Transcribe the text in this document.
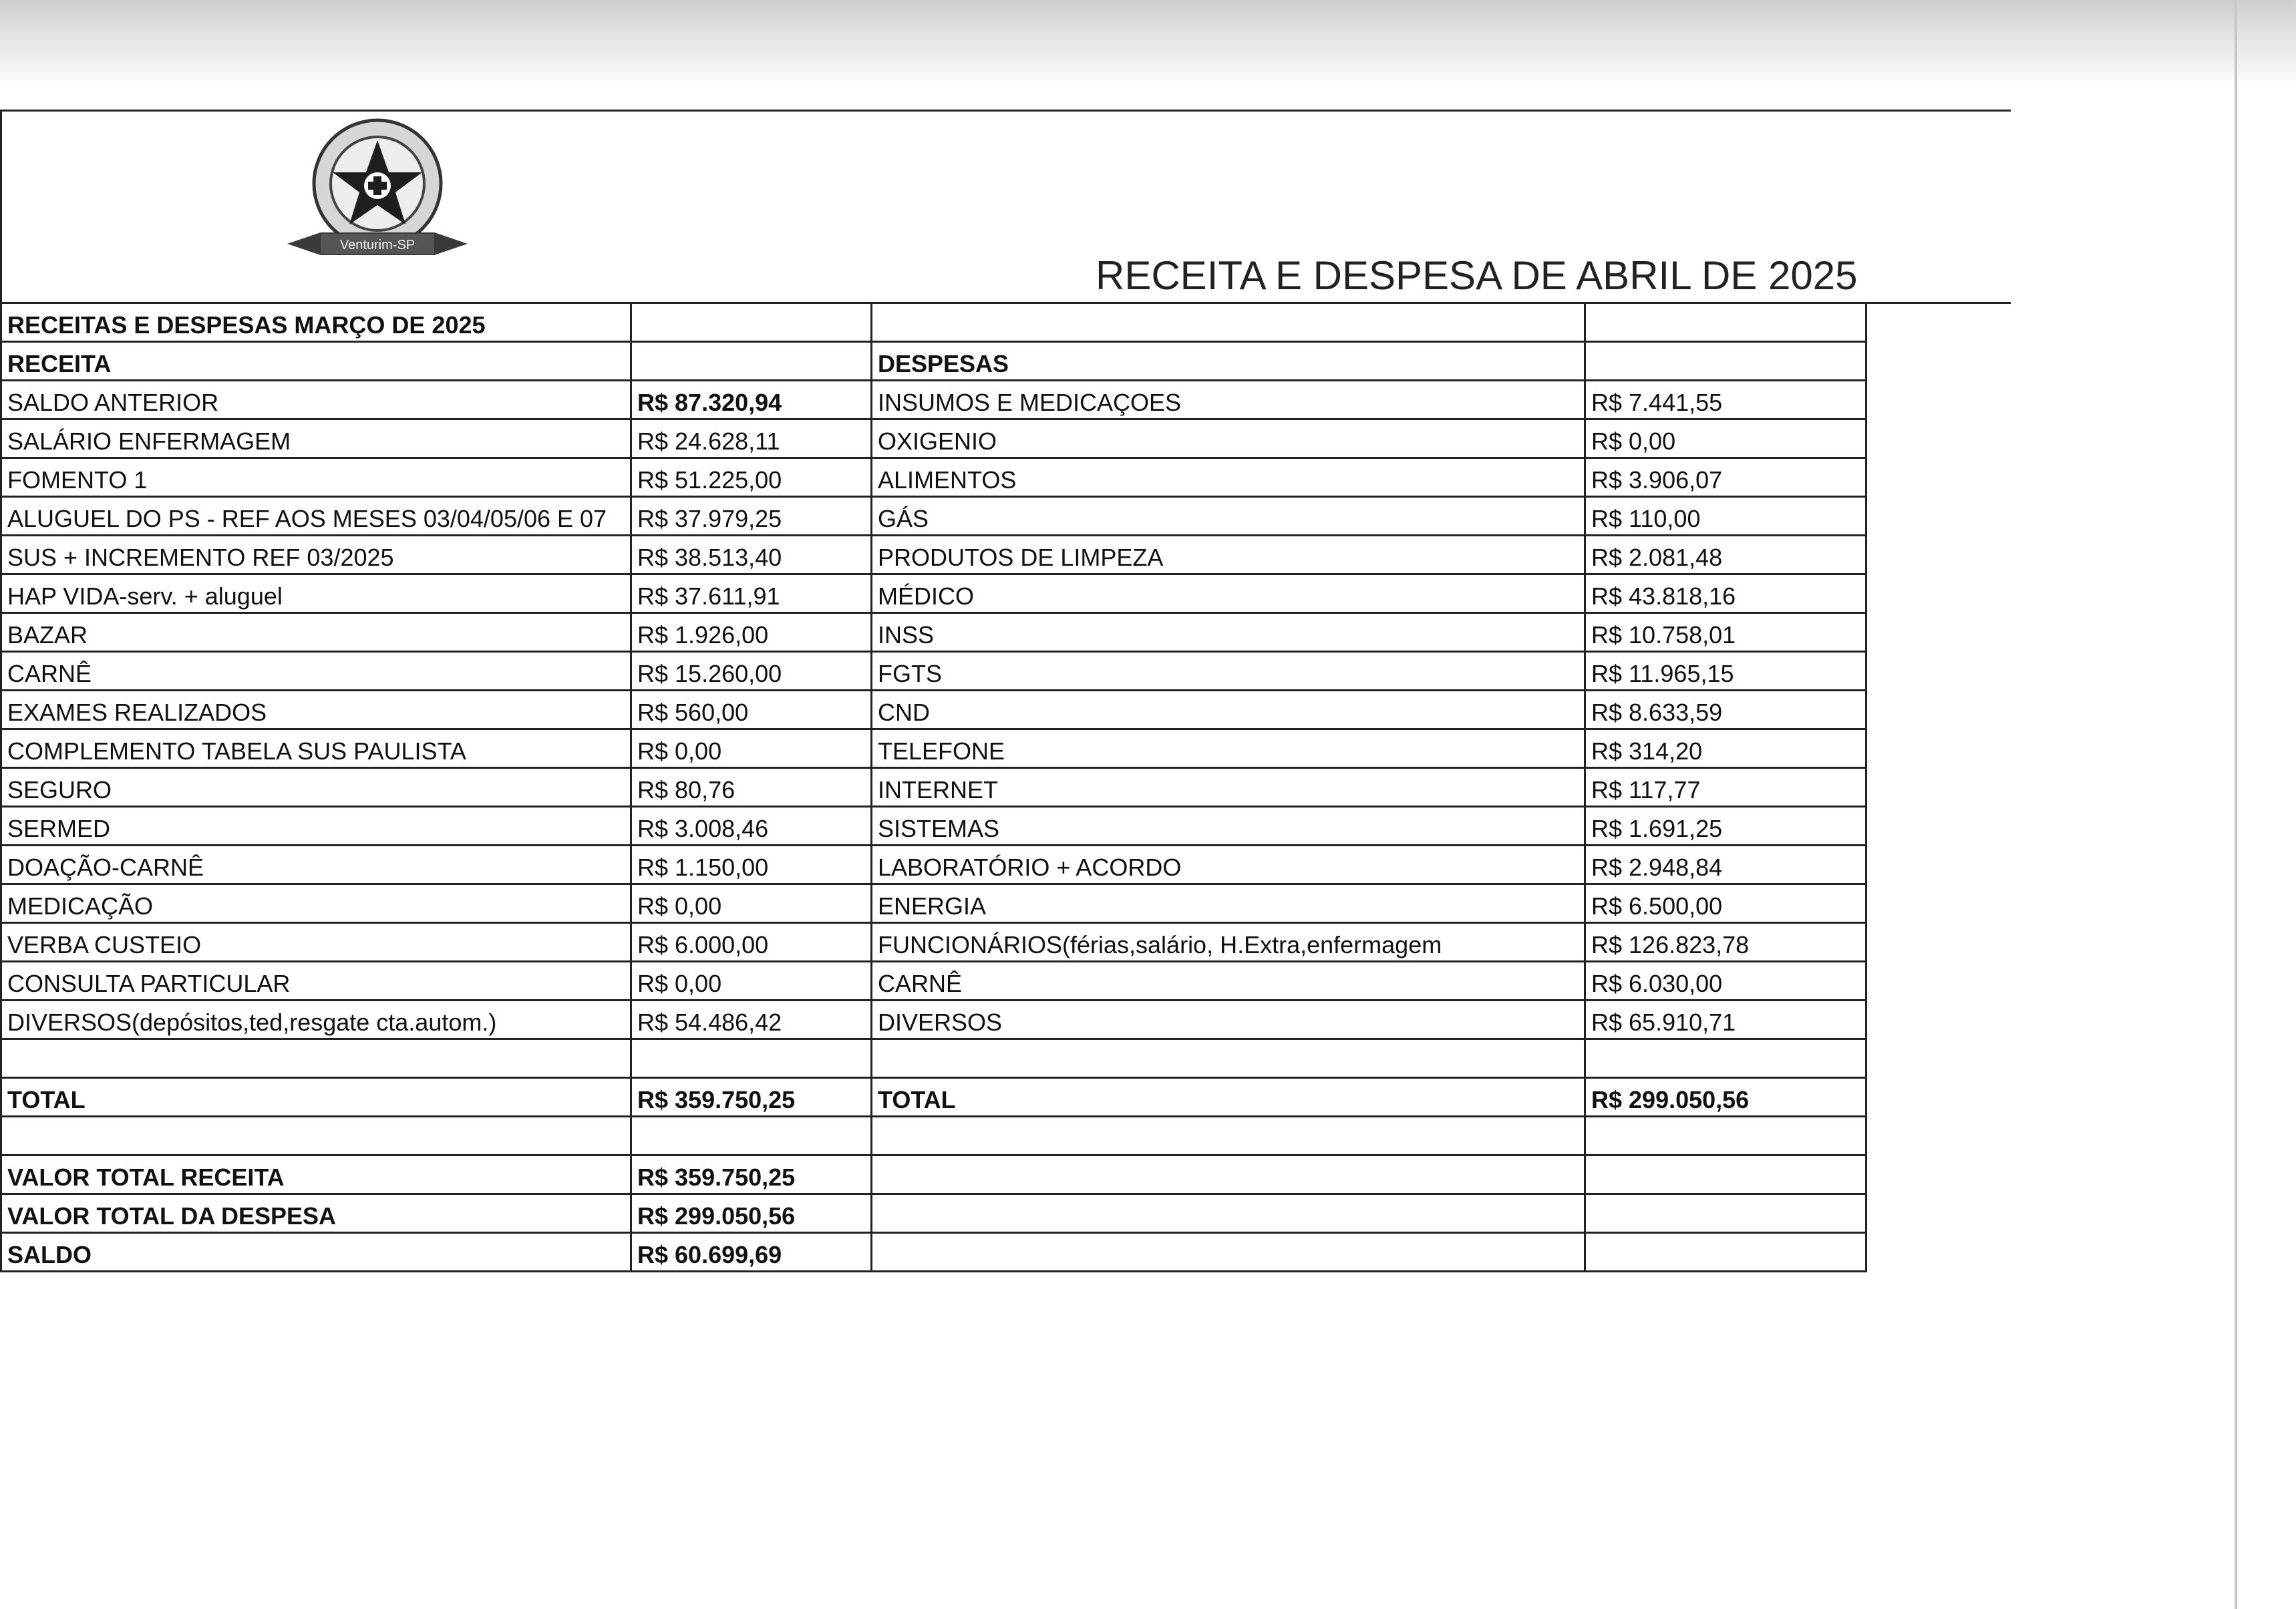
Venturim-SP
RECEITA E DESPESA DE ABRIL DE 2025
RECEITAS E DESPESAS MARÇO DE 2025			
RECEITA		DESPESAS	
SALDO ANTERIOR	R$ 87.320,94	INSUMOS E MEDICAÇOES	R$ 7.441,55
SALÁRIO ENFERMAGEM	R$ 24.628,11	OXIGENIO	R$ 0,00
FOMENTO 1	R$ 51.225,00	ALIMENTOS	R$ 3.906,07
ALUGUEL DO PS - REF AOS MESES 03/04/05/06 E 07	R$ 37.979,25	GÁS	R$ 110,00
SUS + INCREMENTO REF 03/2025	R$ 38.513,40	PRODUTOS DE LIMPEZA	R$ 2.081,48
HAP VIDA-serv. + aluguel	R$ 37.611,91	MÉDICO	R$ 43.818,16
BAZAR	R$ 1.926,00	INSS	R$ 10.758,01
CARNÊ	R$ 15.260,00	FGTS	R$ 11.965,15
EXAMES REALIZADOS	R$ 560,00	CND	R$ 8.633,59
COMPLEMENTO TABELA SUS PAULISTA	R$ 0,00	TELEFONE	R$ 314,20
SEGURO	R$ 80,76	INTERNET	R$ 117,77
SERMED	R$ 3.008,46	SISTEMAS	R$ 1.691,25
DOAÇÃO-CARNÊ	R$ 1.150,00	LABORATÓRIO + ACORDO	R$ 2.948,84
MEDICAÇÃO	R$ 0,00	ENERGIA	R$ 6.500,00
VERBA CUSTEIO	R$ 6.000,00	FUNCIONÁRIOS(férias,salário, H.Extra,enfermagem	R$ 126.823,78
CONSULTA PARTICULAR	R$ 0,00	CARNÊ	R$ 6.030,00
DIVERSOS(depósitos,ted,resgate cta.autom.)	R$ 54.486,42	DIVERSOS	R$ 65.910,71

TOTAL	R$ 359.750,25	TOTAL	R$ 299.050,56

VALOR TOTAL RECEITA	R$ 359.750,25		
VALOR TOTAL DA DESPESA	R$ 299.050,56		
SALDO	R$ 60.699,69		
